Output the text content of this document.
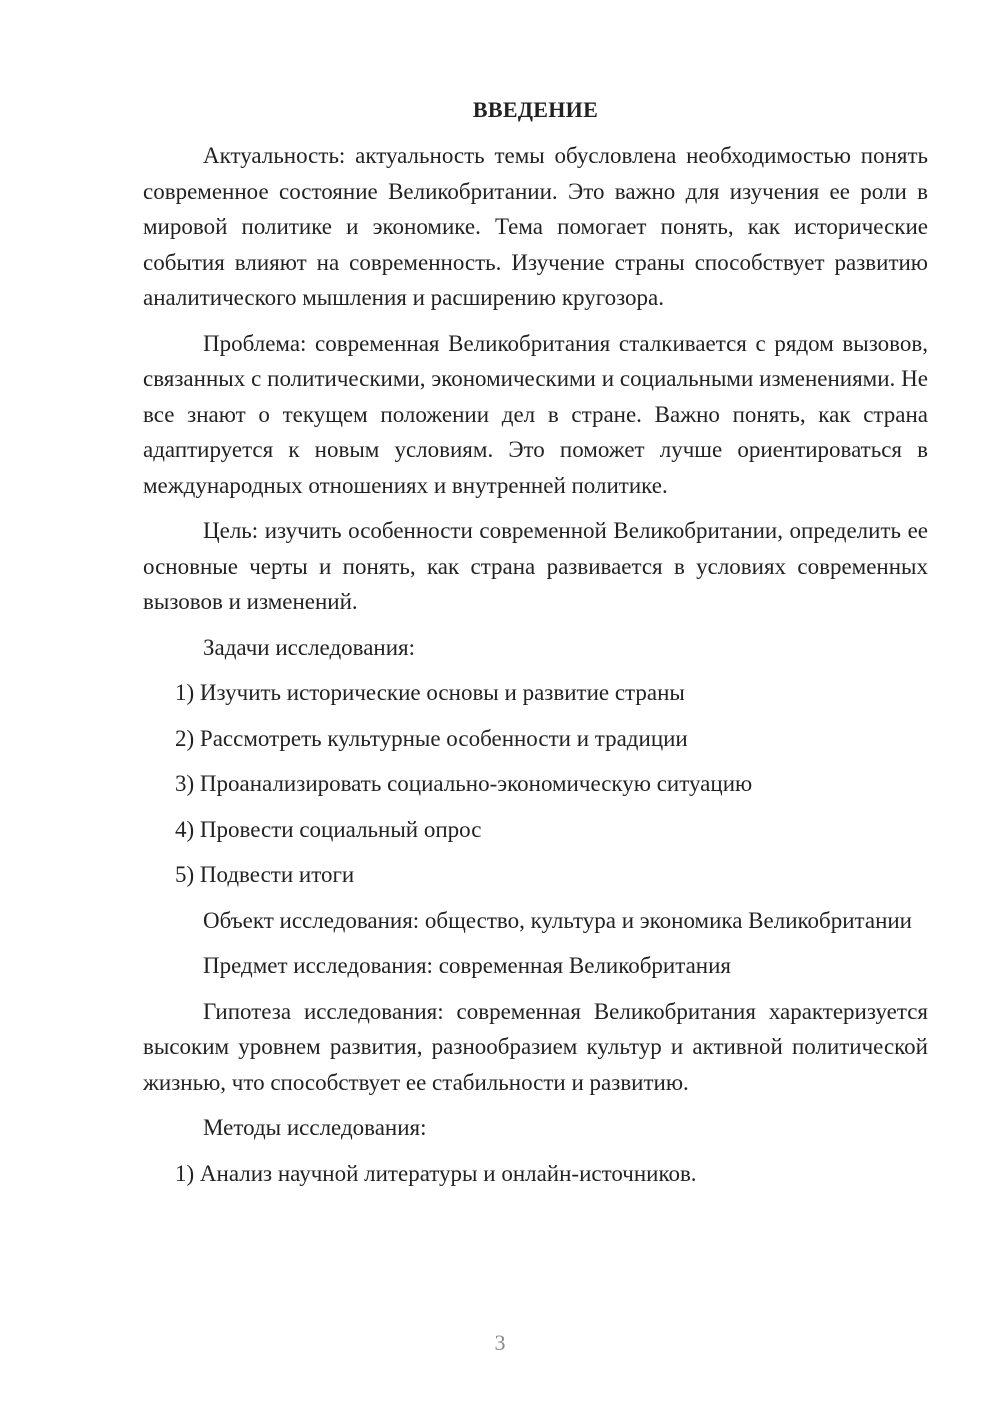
ВВЕДЕНИЕ

Актуальность: актуальность темы обусловлена необходимостью понять современное состояние Великобритании. Это важно для изучения ее роли в мировой политике и экономике. Тема помогает понять, как исторические события влияют на современность. Изучение страны способствует развитию аналитического мышления и расширению кругозора.

Проблема: современная Великобритания сталкивается с рядом вызовов, связанных с политическими, экономическими и социальными изменениями. Не все знают о текущем положении дел в стране. Важно понять, как страна адаптируется к новым условиям. Это поможет лучше ориентироваться в международных отношениях и внутренней политике.

Цель: изучить особенности современной Великобритании, определить ее основные черты и понять, как страна развивается в условиях современных вызовов и изменений.

Задачи исследования:
1) Изучить исторические основы и развитие страны
2) Рассмотреть культурные особенности и традиции
3) Проанализировать социально-экономическую ситуацию
4) Провести социальный опрос
5) Подвести итоги

Объект исследования: общество, культура и экономика Великобритании

Предмет исследования: современная Великобритания

Гипотеза исследования: современная Великобритания характеризуется высоким уровнем развития, разнообразием культур и активной политической жизнью, что способствует ее стабильности и развитию.

Методы исследования:
1) Анализ научной литературы и онлайн-источников.
3
